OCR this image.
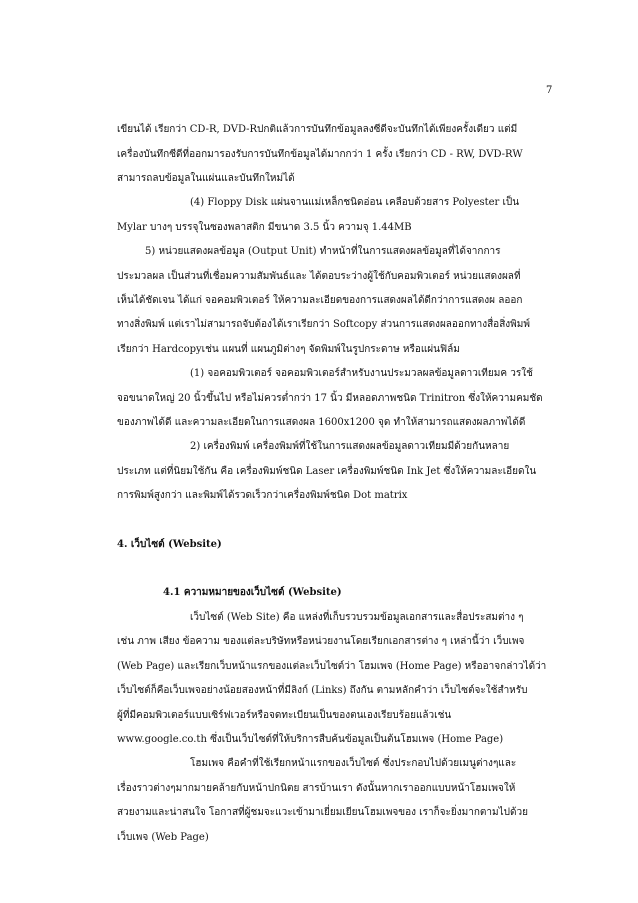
7
เขียนได้ เรียกว่า CD-R, DVD-Rปกติแล้วการบันทึกข้อมูลลงซีดีจะบันทึกได้เพียงครั้งเดียว แต่มี
เครื่องบันทึกซีดีที่ออกมารองรับการบันทึกข้อมูลได้มากกว่า 1 ครั้ง เรียกว่า CD - RW, DVD-RW
สามารถลบข้อมูลในแผ่นและบันทึกใหม่ได้
(4) Floppy Disk แผ่นจานแม่เหล็กชนิดอ่อน เคลือบด้วยสาร Polyester เป็น
Mylar บางๆ บรรจุในซองพลาสติก มีขนาด 3.5 นิ้ว ความจุ 1.44MB
5) หน่วยแสดงผลข้อมูล (Output Unit) ทำหน้าที่ในการแสดงผลข้อมูลที่ได้จากการ
ประมวลผล เป็นส่วนที่เชื่อมความสัมพันธ์และ ได้ตอบระว่างผู้ใช้กับคอมพิวเตอร์ หน่วยแสดงผลที่
เห็นได้ชัดเจน ได้แก่ จอคอมพิวเตอร์ ให้ความละเอียดของการแสดงผลได้ดีกว่าการแสดงผ ลออก
ทางสิ่งพิมพ์ แต่เราไม่สามารถจับต้องได้เราเรียกว่า Softcopy ส่วนการแสดงผลออกทางสื่อสิ่งพิมพ์
เรียกว่า Hardcopyเช่น แผนที่ แผนภูมิต่างๆ จัดพิมพ์ในรูปกระดาษ หรือแผ่นฟิล์ม
(1) จอคอมพิวเตอร์ จอคอมพิวเตอร์สำหรับงานประมวลผลข้อมูลดาวเทียมค วรใช้
จอขนาดใหญ่ 20 นิ้วขึ้นไป หรือไม่ควรต่ำกว่า 17 นิ้ว มีหลอดภาพชนิด Trinitron ซึ่งให้ความคมชัด
ของภาพได้ดี และความละเอียดในการแสดงผล 1600x1200 จุด ทำให้สามารถแสดงผลภาพได้ดี
2) เครื่องพิมพ์ เครื่องพิมพ์ที่ใช้ในการแสดงผลข้อมูลดาวเทียมมีด้วยกันหลาย
ประเภท แต่ที่นิยมใช้กัน คือ เครื่องพิมพ์ชนิด Laser เครื่องพิมพ์ชนิด Ink Jet ซึ่งให้ความละเอียดใน
การพิมพ์สูงกว่า และพิมพ์ได้รวดเร็วกว่าเครื่องพิมพ์ชนิด Dot matrix
4. เว็บไซต์ (Website)
4.1 ความหมายของเว็บไซต์ (Website)
เว็บไซต์ (Web Site) คือ แหล่งที่เก็บรวบรวมข้อมูลเอกสารและสื่อประสมต่าง ๆ
เช่น ภาพ เสียง ข้อความ ของแต่ละบริษัทหรือหน่วยงานโดยเรียกเอกสารต่าง ๆ เหล่านี้ว่า เว็บเพจ
(Web Page) และเรียกเว็บหน้าแรกของแต่ละเว็บไซต์ว่า โฮมเพจ (Home Page) หรืออาจกล่าวได้ว่า
เว็บไซต์ก็คือเว็บเพจอย่างน้อยสองหน้าที่มีลิงก์ (Links) ถึงกัน ตามหลักคำว่า เว็บไซต์จะใช้สำหรับ
ผู้ที่มีคอมพิวเตอร์แบบเซิร์ฟเวอร์หรือจดทะเบียนเป็นของตนเองเรียบร้อยแล้วเช่น
www.google.co.th ซึ่งเป็นเว็บไซต์ที่ให้บริการสืบค้นข้อมูลเป็นต้นโฮมเพจ (Home Page)
โฮมเพจ คือคำที่ใช้เรียกหน้าแรกของเว็บไซต์ ซึ่งประกอบไปด้วยเมนูต่างๆและ
เรื่องราวต่างๆมากมายคล้ายกับหน้าปกนิตย สารบ้านเรา ดังนั้นหากเราออกแบบหน้าโฮมเพจให้
สวยงามและน่าสนใจ โอกาสที่ผู้ชมจะแวะเข้ามาเยี่ยมเยียนโฮมเพจของ เราก็จะยิ่งมากตามไปด้วย
เว็บเพจ (Web Page)
